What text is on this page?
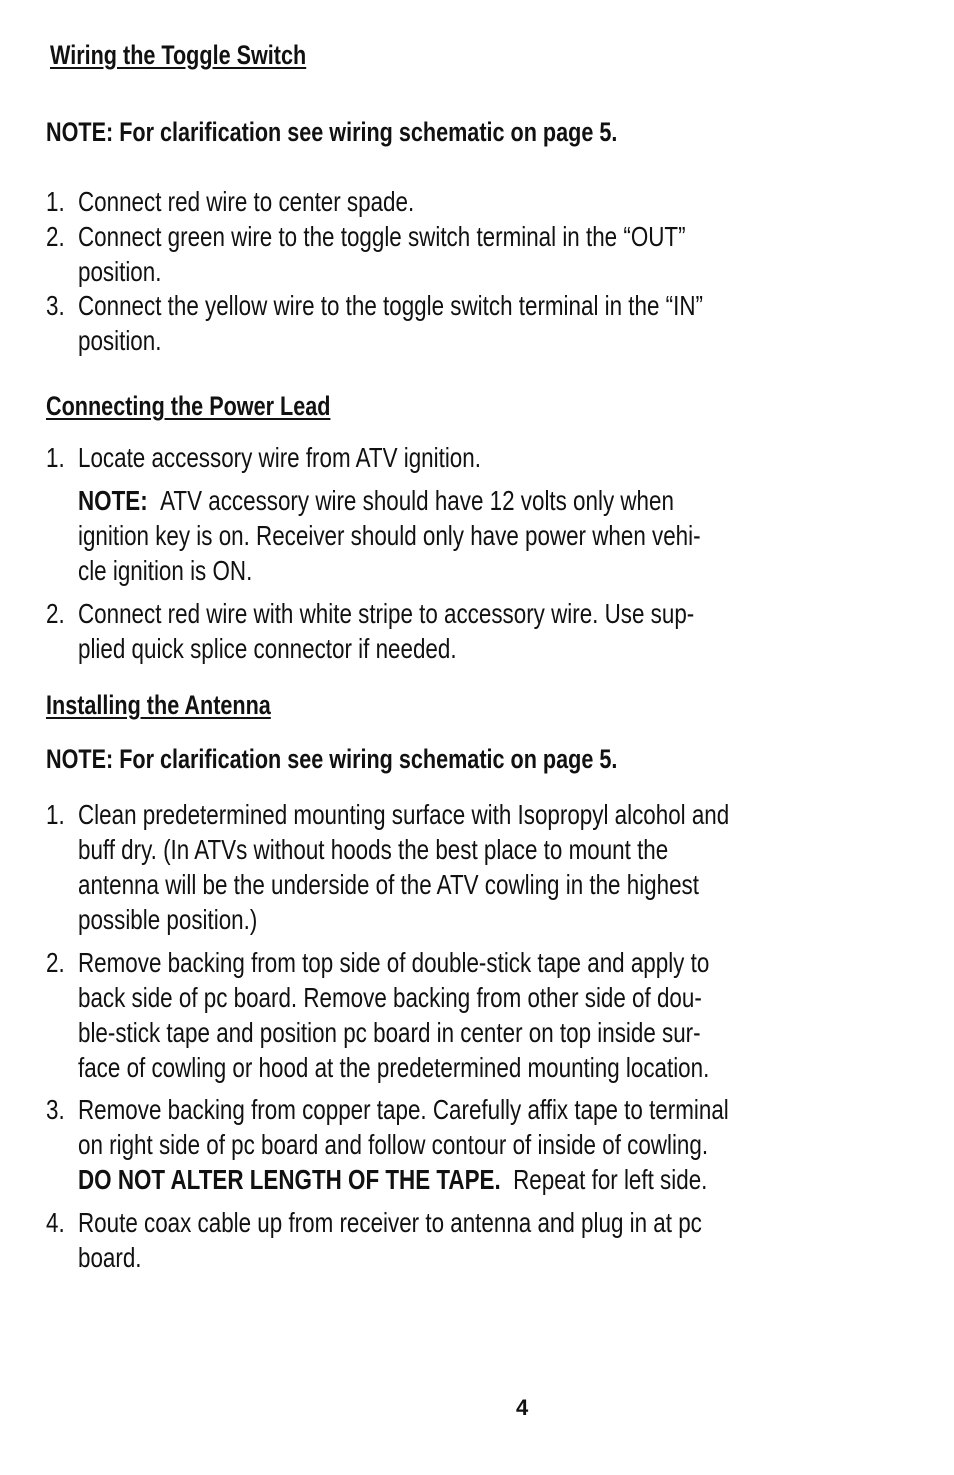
Wiring the Toggle Switch
NOTE: For clarification see wiring schematic on page 5.
1. Connect red wire to center spade.
2. Connect green wire to the toggle switch terminal in the “OUT”
position.
3. Connect the yellow wire to the toggle switch terminal in the “IN”
position.
Connecting the Power Lead
1. Locate accessory wire from ATV ignition.
NOTE: ATV accessory wire should have 12 volts only when
ignition key is on. Receiver should only have power when vehi-
cle ignition is ON.
2. Connect red wire with white stripe to accessory wire. Use sup-
plied quick splice connector if needed.
Installing the Antenna
NOTE: For clarification see wiring schematic on page 5.
1. Clean predetermined mounting surface with Isopropyl alcohol and
buff dry. (In ATVs without hoods the best place to mount the
antenna will be the underside of the ATV cowling in the highest
possible position.)
2. Remove backing from top side of double-stick tape and apply to
back side of pc board. Remove backing from other side of dou-
ble-stick tape and position pc board in center on top inside sur-
face of cowling or hood at the predetermined mounting location.
3. Remove backing from copper tape. Carefully affix tape to terminal
on right side of pc board and follow contour of inside of cowling.
DO NOT ALTER LENGTH OF THE TAPE.  Repeat for left side.
4. Route coax cable up from receiver to antenna and plug in at pc
board.
4
